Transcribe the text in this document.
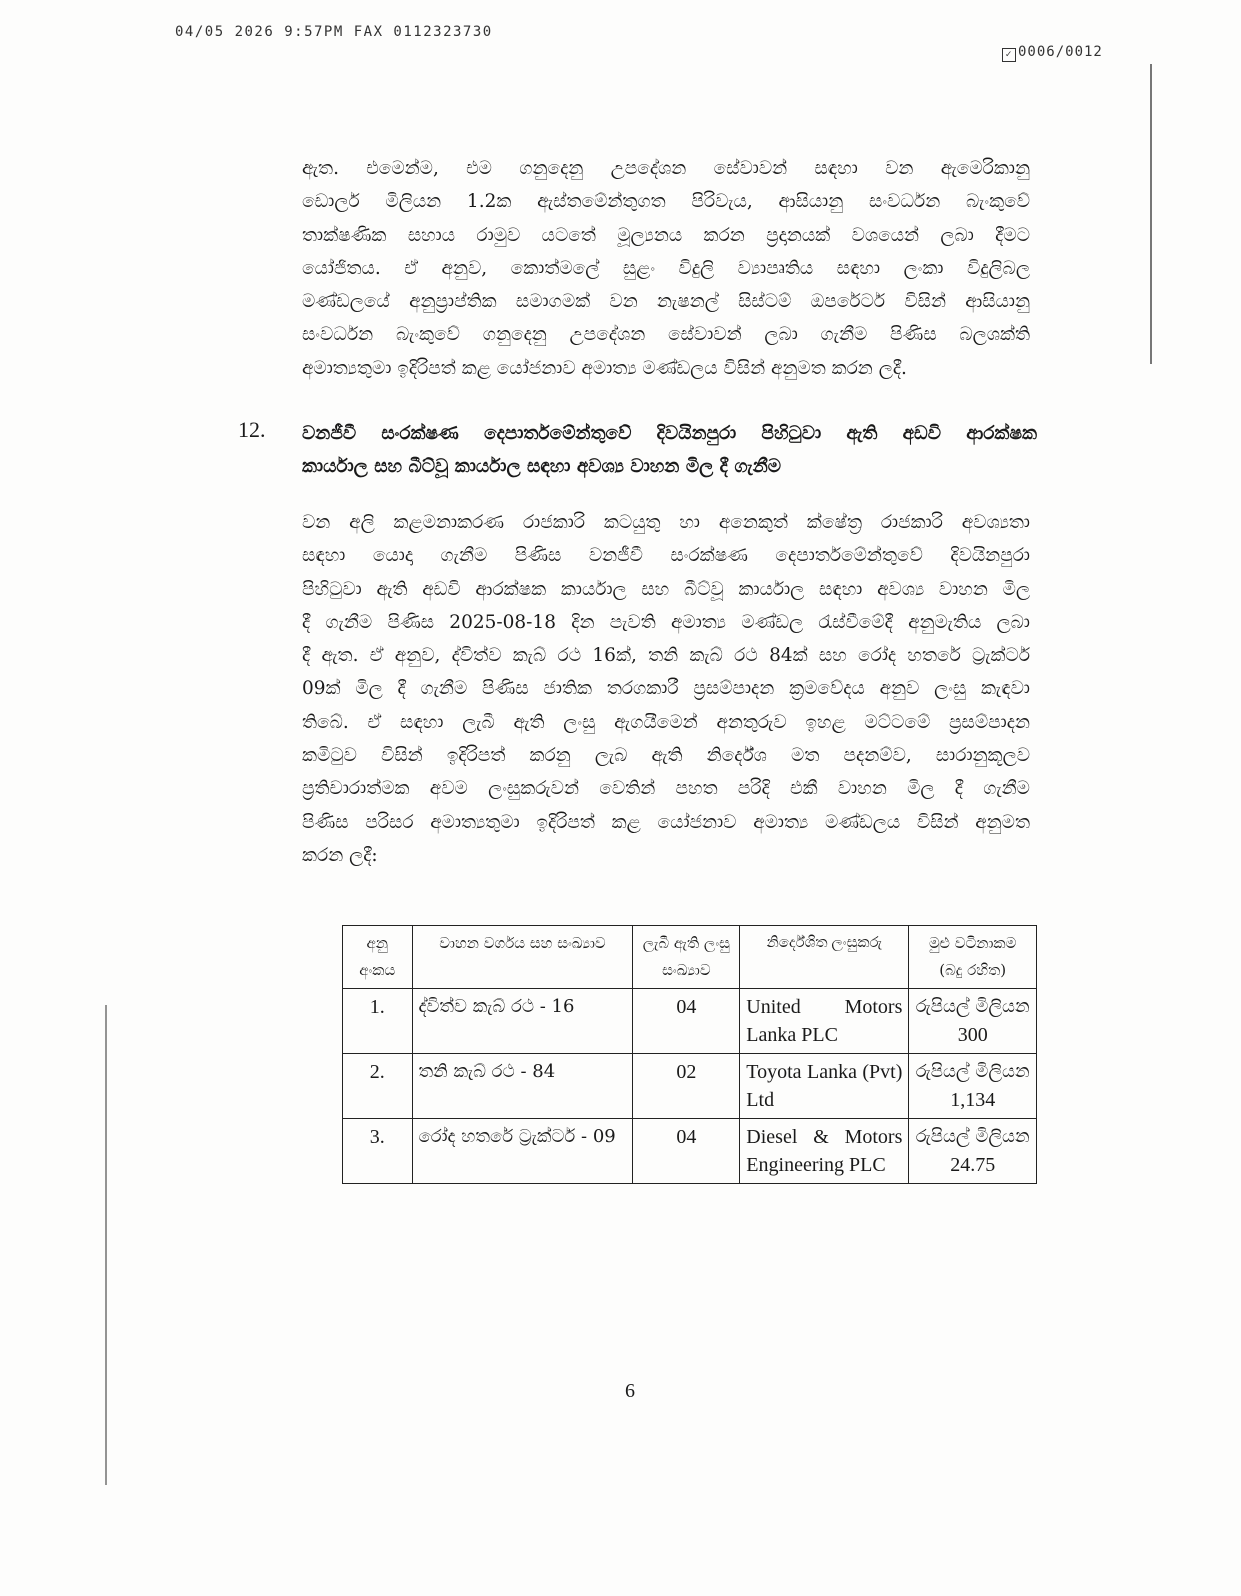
04/05 2026 9:57PM FAX 0112323730
✓ 0006/0012
ඇත. එමෙන්ම, එම ගනුදෙනු උපදේශන සේවාවන් සඳහා වන ඇමෙරිකානු
ඩොලර් මිලියන 1.2ක ඇස්තමේන්තුගත පිරිවැය, ආසියානු සංවර්ධන බැංකුවේ
තාක්ෂණික සහාය රාමුව යටතේ මූල්‍යනය කරන ප්‍රදානයක් වශයෙන් ලබා දීමට
යෝජිතය. ඒ අනුව, කොත්මලේ සුළං විදුලි ව්‍යාපෘතිය සඳහා ලංකා විදුලිබල
මණ්ඩලයේ අනුප්‍රාප්තික සමාගමක් වන නැෂනල් සිස්ටම් ඔපරේටර් විසින් ආසියානු
සංවර්ධන බැංකුවේ ගනුදෙනු උපදේශන සේවාවන් ලබා ගැනීම පිණිස බලශක්ති
අමාත්‍යතුමා ඉදිරිපත් කළ යෝජනාව අමාත්‍ය මණ්ඩලය විසින් අනුමත කරන ලදී.
12. වනජීවී සංරක්ෂණ දෙපාර්තමේන්තුවේ දිවයිනපුරා පිහිටුවා ඇති අඩවි ආරක්ෂක
කාර්යාල සහ බීට්වූ කාර්යාල සඳහා අවශ්‍ය වාහන මිල දී ගැනීම
වන අලි කළමනාකරණ රාජකාරි කටයුතු හා අනෙකුත් ක්ෂේත්‍ර රාජකාරි අවශ්‍යතා
සඳහා යොදා ගැනීම පිණිස වනජීවී සංරක්ෂණ දෙපාර්තමේන්තුවේ දිවයිනපුරා
පිහිටුවා ඇති අඩවි ආරක්ෂක කාර්යාල සහ බීට්වූ කාර්යාල සඳහා අවශ්‍ය වාහන මිල
දී ගැනීම පිණිස 2025-08-18 දින පැවති අමාත්‍ය මණ්ඩල රැස්වීමේදී අනුමැතිය ලබා
දී ඇත. ඒ අනුව, ද්විත්ව කැබ් රථ 16ක්, තනි කැබ් රථ 84ක් සහ රෝද හතරේ ට්‍රැක්ටර්
09ක් මිල දී ගැනීම පිණිස ජාතික තරගකාරී ප්‍රසම්පාදන ක්‍රමවේදය අනුව ලංසු කැඳවා
තිබේ. ඒ සඳහා ලැබී ඇති ලංසු ඇගයීමෙන් අනතුරුව ඉහළ මට්ටමේ ප්‍රසම්පාදන
කමිටුව විසින් ඉදිරිපත් කරනු ලැබ ඇති නිර්දේශ මත පදනම්ව, සාරානුකූලව
ප්‍රතිචාරාත්මක අවම ලංසුකරුවන් වෙතින් පහත පරිදි එකී වාහන මිල දී ගැනීම
පිණිස පරිසර අමාත්‍යතුමා ඉදිරිපත් කළ යෝජනාව අමාත්‍ය මණ්ඩලය විසින් අනුමත
කරන ලදී:
අනු අංකය	වාහන වර්ගය සහ සංඛ්‍යාව	ලැබී ඇති ලංසු සංඛ්‍යාව	නිර්දේශිත ලංසුකරු	මුළු වටිනාකම (බදු රහිත)
1.	ද්විත්ව කැබ් රථ - 16	04	United Motors Lanka PLC	රුපියල් මිලියන
300

2.	තනි කැබ් රථ - 84	02	Toyota Lanka (Pvt) Ltd	රුපියල් මිලියන
1,134

3.	රෝද හතරේ ට්‍රැක්ටර් - 09	04	Diesel & Motors Engineering PLC	රුපියල් මිලියන
24.75
6
